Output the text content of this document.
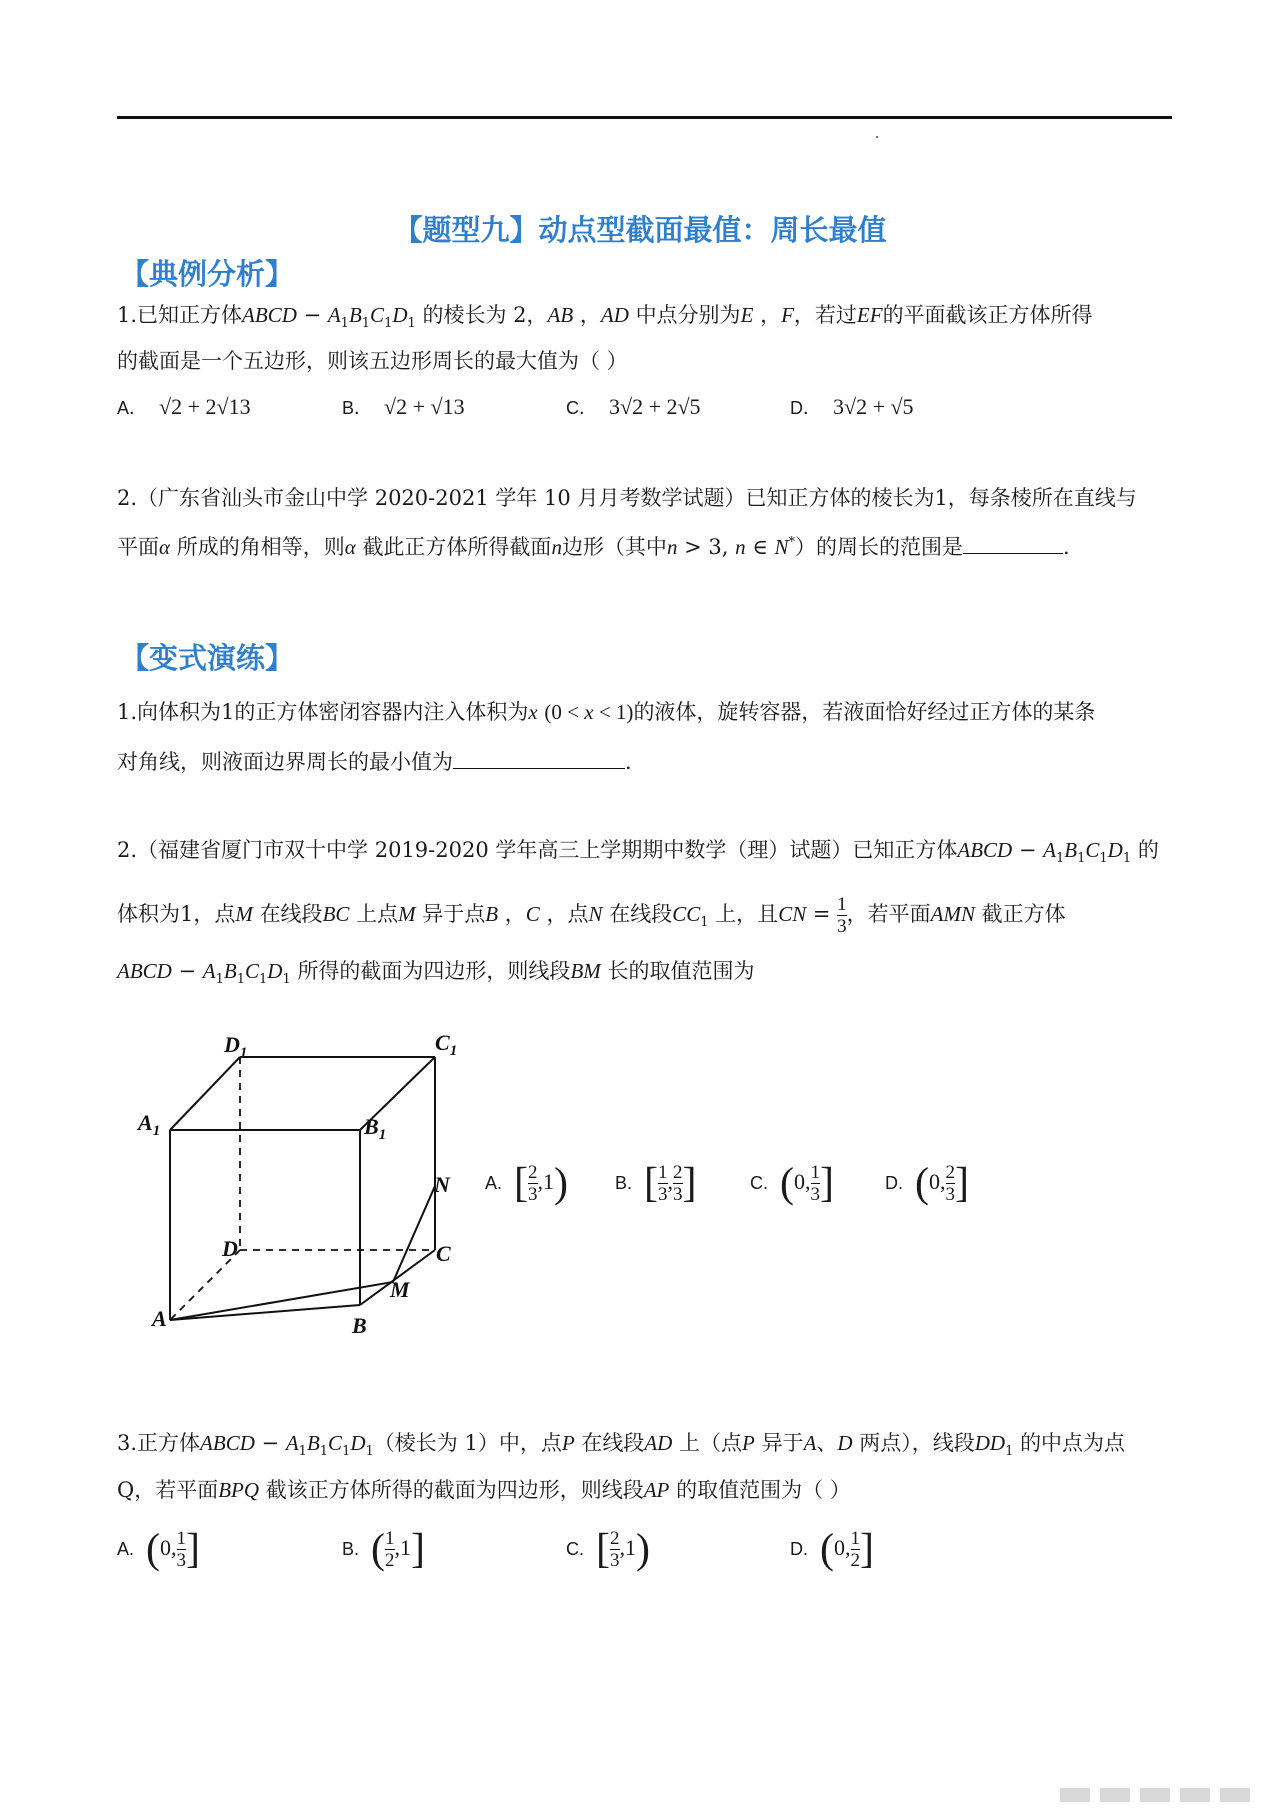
【题型九】动点型截面最值：周长最值
【典例分析】
1.已知正方体ABCD − $A_1B_1C_1D_1$ 的棱长为 2，AB ，AD 中点分别为E ，F，若过EF的平面截该正方体所得
的截面是一个五边形，则该五边形周长的最大值为（ ）
A． √2 + 2√13	B． √2 + √13	C． 3√2 + 2√5	D． 3√2 + √5
2.（广东省汕头市金山中学 2020-2021 学年 10 月月考数学试题）已知正方体的棱长为1，每条棱所在直线与
平面α 所成的角相等，则α 截此正方体所得截面n边形（其中n > 3, n ∈ N*）的周长的范围是	.
【变式演练】
1.向体积为1的正方体密闭容器内注入体积为x (0 < x < 1)的液体，旋转容器，若液面恰好经过正方体的某条
对角线，则液面边界周长的最小值为	.
2.（福建省厦门市双十中学 2019-2020 学年高三上学期期中数学（理）试题）已知正方体ABCD − $A_1B_1C_1D_1$ 的
体积为1，点M 在线段BC 上点M 异于点B ，C ，点N 在线段$CC_1$ 上，且CN = $\frac{1}{3}$ ，若平面AMN 截正方体
ABCD − $A_1B_1C_1D_1$ 所得的截面为四边形，则线段BM 长的取值范围为
$D_1$	$C_1$
$A_1$	$B_1$
N
D	C
M
A	B
A. [ $\frac{2}{3} ,1$)	B. [ $\frac{1}{3}$ , $\frac{2}{3}$ ]	C. (0, $\frac{1}{3}$ ]	D. (0, $\frac{2}{3}$ ]
3.正方体ABCD − $A_1B_1C_1D_1$（棱长为 1）中，点P 在线段AD 上（点P 异于A、D 两点），线段$DD_1$ 的中点为点
Q，若平面BPQ 截该正方体所得的截面为四边形，则线段AP 的取值范围为（ ）
A. (0, $\frac{1}{3}$ ]	B. ( $\frac{1}{2} ,1$]	C. [ $\frac{2}{3} ,1$)	D. (0, $\frac{1}{2}$ ]
